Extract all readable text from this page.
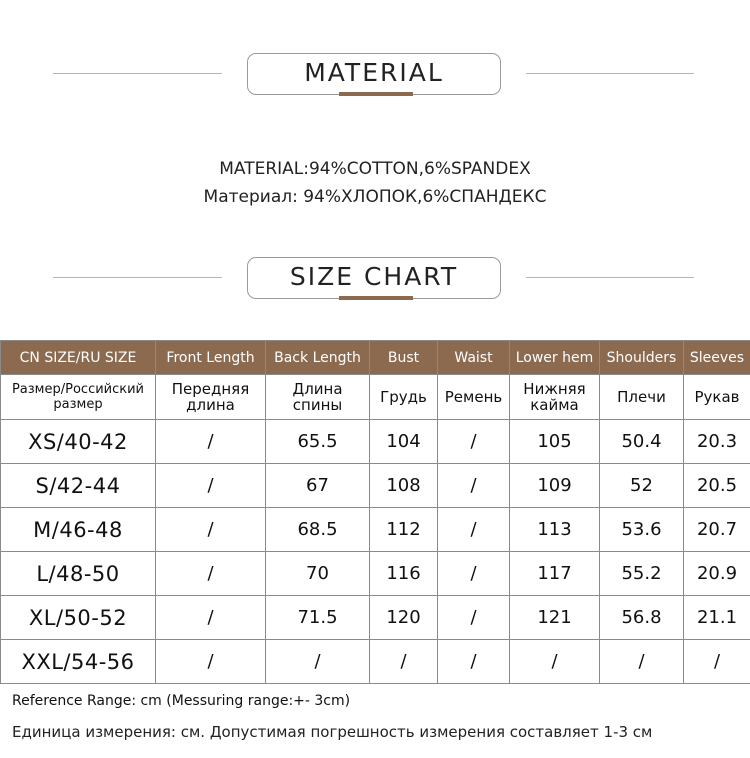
MATERIAL
MATERIAL:94%COTTON,6%SPANDEX
Материал: 94%ХЛОПОК,6%СПАНДЕКС
SIZE CHART
CN SIZE/RU SIZE	Front Length	Back Length	Bust	Waist	Lower hem	Shoulders	Sleeves
Размер/Российский размер	Передняя длина	Длина спины	Грудь	Ремень	Нижняя кайма	Плечи	Рукав
XS/40-42	/	65.5	104	/	105	50.4	20.3
S/42-44	/	67	108	/	109	52	20.5
M/46-48	/	68.5	112	/	113	53.6	20.7
L/48-50	/	70	116	/	117	55.2	20.9
XL/50-52	/	71.5	120	/	121	56.8	21.1
XXL/54-56	/	/	/	/	/	/	/
Reference Range: cm (Messuring range:+- 3cm)
Единица измерения: см. Допустимая погрешность измерения составляет 1-3 см
